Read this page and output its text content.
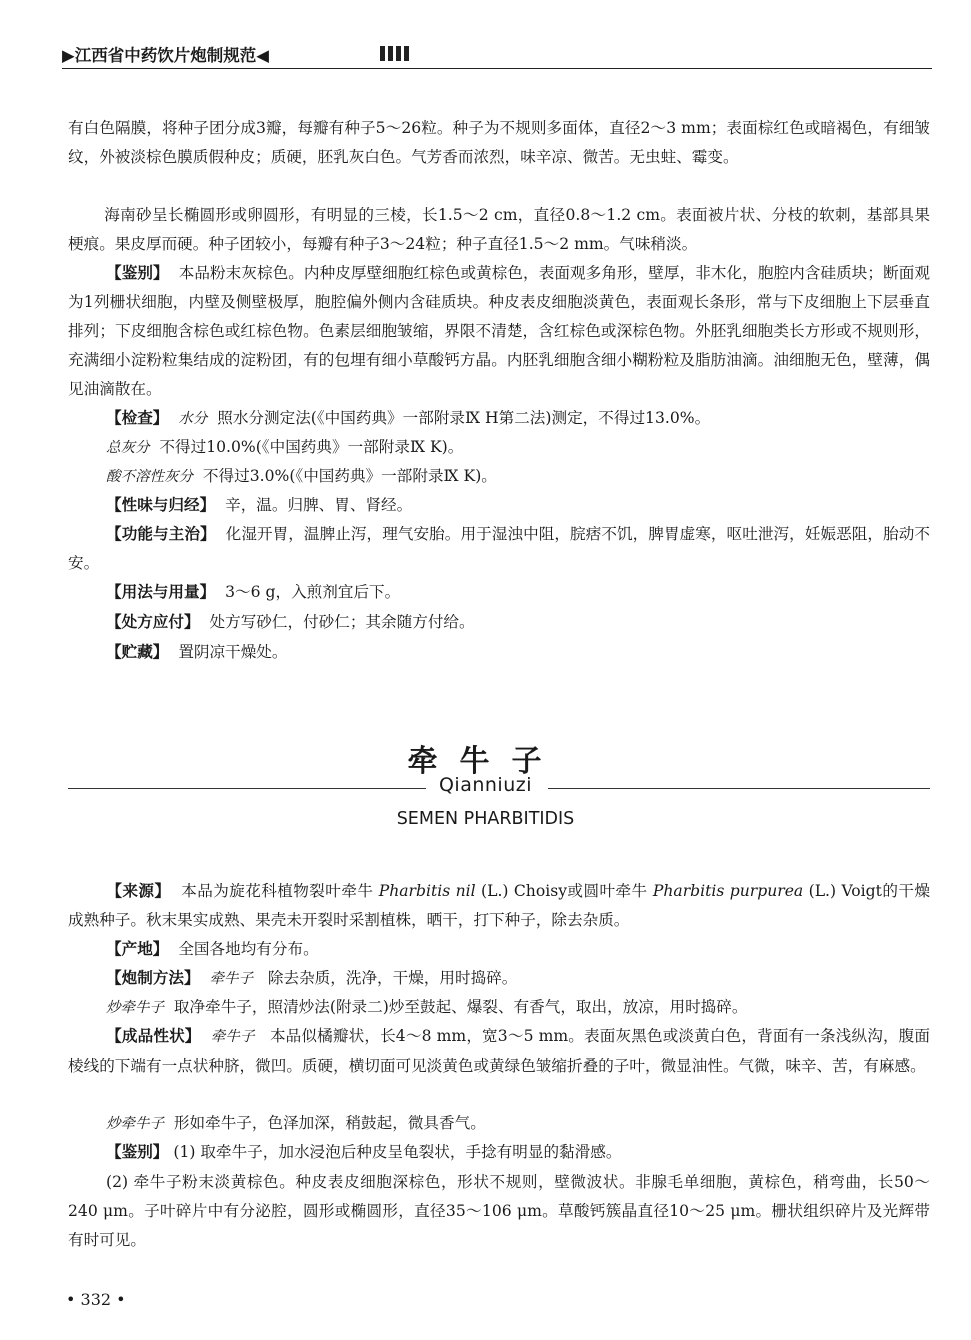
▶江西省中药饮片炮制规范◀

有白色隔膜，将种子团分成3瓣，每瓣有种子5～26粒。种子为不规则多面体，直径2～3 mm；表面棕红色或暗褐色，有细皱纹，外被淡棕色膜质假种皮；质硬，胚乳灰白色。气芳香而浓烈，味辛凉、微苦。无虫蛀、霉变。

海南砂呈长椭圆形或卵圆形，有明显的三棱，长1.5～2 cm，直径0.8～1.2 cm。表面被片状、分枝的软刺，基部具果梗痕。果皮厚而硬。种子团较小，每瓣有种子3～24粒；种子直径1.5～2 mm。气味稍淡。

【鉴别】 本品粉末灰棕色。内种皮厚壁细胞红棕色或黄棕色，表面观多角形，壁厚，非木化，胞腔内含硅质块；断面观为1列栅状细胞，内壁及侧壁极厚，胞腔偏外侧内含硅质块。种皮表皮细胞淡黄色，表面观长条形，常与下皮细胞上下层垂直排列；下皮细胞含棕色或红棕色物。色素层细胞皱缩，界限不清楚，含红棕色或深棕色物。外胚乳细胞类长方形或不规则形，充满细小淀粉粒集结成的淀粉团，有的包埋有细小草酸钙方晶。内胚乳细胞含细小糊粉粒及脂肪油滴。油细胞无色，壁薄，偶见油滴散在。

【检查】 水分 照水分测定法(《中国药典》一部附录Ⅸ H第二法)测定，不得过13.0%。

总灰分 不得过10.0%(《中国药典》一部附录Ⅸ K)。

酸不溶性灰分 不得过3.0%(《中国药典》一部附录Ⅸ K)。

【性味与归经】 辛，温。归脾、胃、肾经。

【功能与主治】 化湿开胃，温脾止泻，理气安胎。用于湿浊中阻，脘痞不饥，脾胃虚寒，呕吐泄泻，妊娠恶阻，胎动不安。

【用法与用量】 3～6 g，入煎剂宜后下。

【处方应付】 处方写砂仁，付砂仁；其余随方付给。

【贮藏】 置阴凉干燥处。

牵牛子
Qianniuzi
SEMEN PHARBITIDIS

【来源】 本品为旋花科植物裂叶牵牛 Pharbitis nil (L.) Choisy或圆叶牵牛 Pharbitis purpurea (L.) Voigt的干燥成熟种子。秋末果实成熟、果壳未开裂时采割植株，晒干，打下种子，除去杂质。

【产地】 全国各地均有分布。

【炮制方法】 牵牛子 除去杂质，洗净，干燥，用时捣碎。

炒牵牛子 取净牵牛子，照清炒法(附录二)炒至鼓起、爆裂、有香气，取出，放凉，用时捣碎。

【成品性状】 牵牛子 本品似橘瓣状，长4～8 mm，宽3～5 mm。表面灰黑色或淡黄白色，背面有一条浅纵沟，腹面棱线的下端有一点状种脐，微凹。质硬，横切面可见淡黄色或黄绿色皱缩折叠的子叶，微显油性。气微，味辛、苦，有麻感。

炒牵牛子 形如牵牛子，色泽加深，稍鼓起，微具香气。

【鉴别】 (1) 取牵牛子，加水浸泡后种皮呈龟裂状，手捻有明显的黏滑感。

(2) 牵牛子粉末淡黄棕色。种皮表皮细胞深棕色，形状不规则，壁微波状。非腺毛单细胞，黄棕色，稍弯曲，长50～240 μm。子叶碎片中有分泌腔，圆形或椭圆形，直径35～106 μm。草酸钙簇晶直径10～25 μm。栅状组织碎片及光辉带有时可见。

• 332 •
